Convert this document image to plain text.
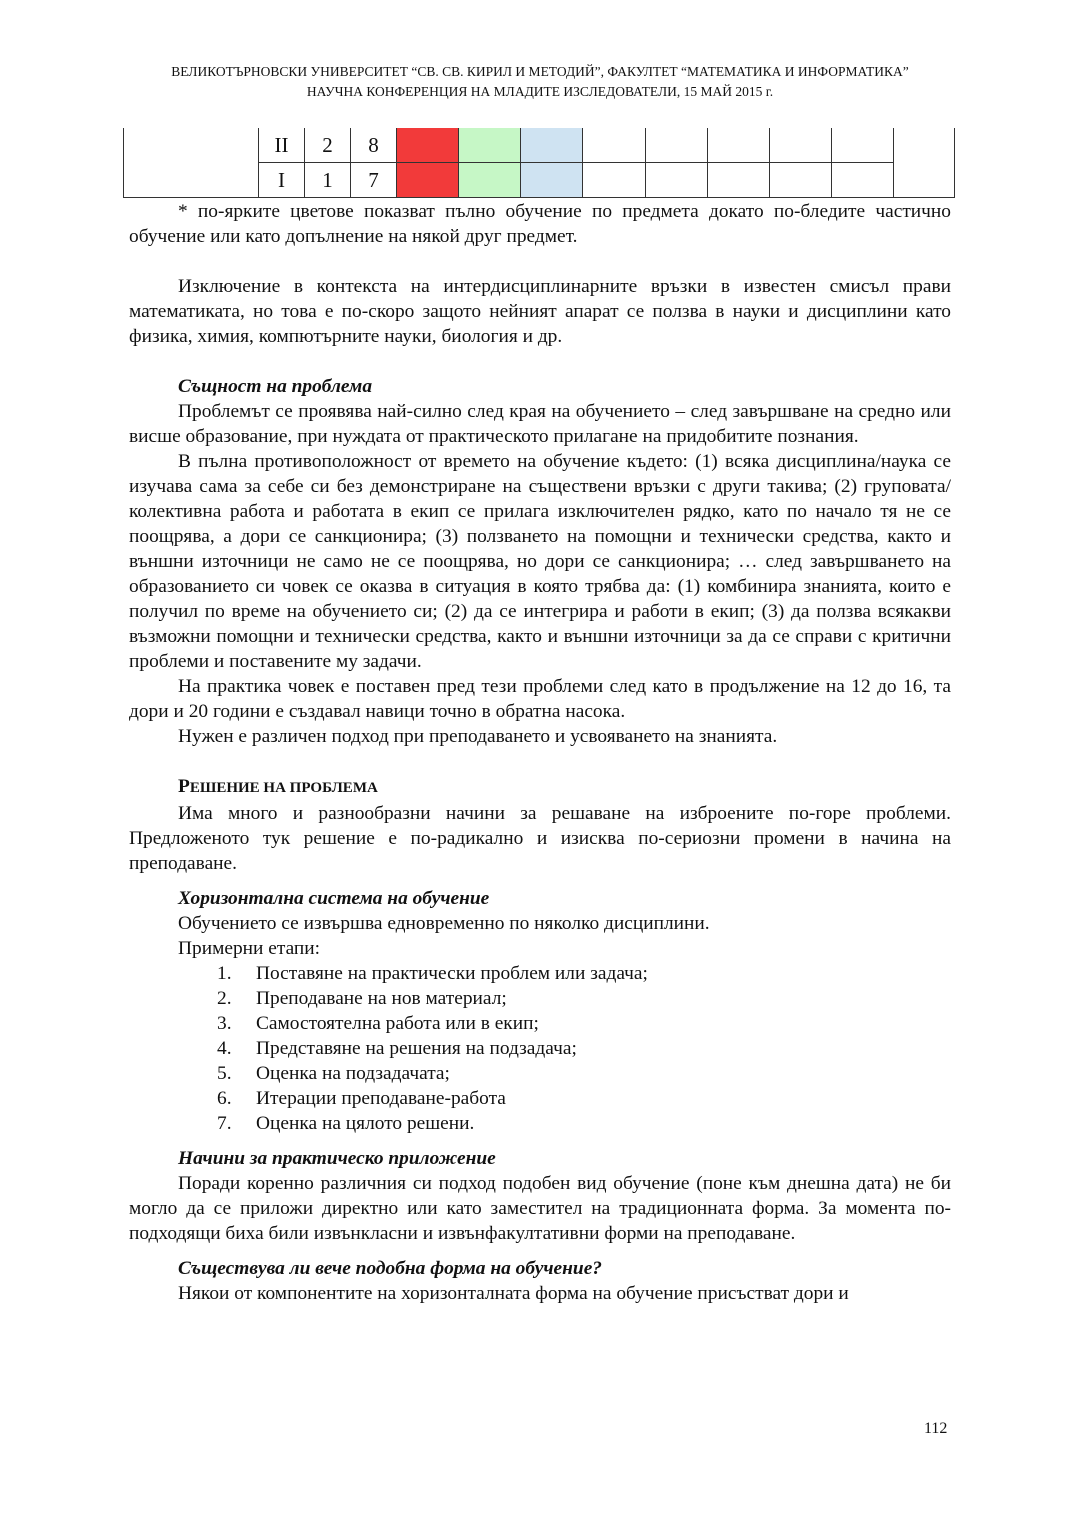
ВЕЛИКОТЪРНОВСКИ УНИВЕРСИТЕТ “СВ. СВ. КИРИЛ И МЕТОДИЙ”, ФАКУЛТЕТ “МАТЕМАТИКА И ИНФОРМАТИКА”
НАУЧНА КОНФЕРЕНЦИЯ НА МЛАДИТЕ ИЗСЛЕДОВАТЕЛИ, 15 МАЙ 2015 г.
	II	2	8									
	I	1	7									

* по-ярките цветове показват пълно обучение по предмета докато по-бледите частично обучение или като допълнение на някой друг предмет.

Изключение в контекста на интердисциплинарните връзки в известен смисъл прави математиката, но това е по-скоро защото нейният апарат се ползва в науки и дисциплини като физика, химия, компютърните науки, биология и др.

Същност на проблема

Проблемът се проявява най-силно след края на обучението – след завършване на средно или висше образование, при нуждата от практическото прилагане на придобитите познания.

В пълна противоположност от времето на обучение където: (1) всяка дисциплина/наука се изучава сама за себе си без демонстриране на съществени връзки с други такива; (2) груповата/колективна работа и работата в екип се прилага изключителен рядко, като по начало тя не се поощрява, а дори се санкционира; (3) ползването на помощни и технически средства, както и външни източници не само не се поощрява, но дори се санкционира; … след завършването на образованието си човек се оказва в ситуация в която трябва да: (1) комбинира знанията, които е получил по време на обучението си; (2) да се интегрира и работи в екип; (3) да ползва всякакви възможни помощни и технически средства, както и външни източници за да се справи с критични проблеми и поставените му задачи.

На практика човек е поставен пред тези проблеми след като в продължение на 12 до 16, та дори и 20 години е създавал навици точно в обратна насока.

Нужен е различен подход при преподаването и усвояването на знанията.

РЕШЕНИЕ НА ПРОБЛЕМА

Има много и разнообразни начини за решаване на изброените по-горе проблеми. Предложеното тук решение е по-радикално и изисква по-сериозни промени в начина на преподаване.

Хоризонтална система на обучение

Обучението се извършва едновременно по няколко дисциплини.

Примерни етапи:

1. Поставяне на практически проблем или задача;
2. Преподаване на нов материал;
3. Самостоятелна работа или в екип;
4. Представяне на решения на подзадача;
5. Оценка на подзадачата;
6. Итерации преподаване-работа
7. Оценка на цялото решени.

Начини за практическо приложение

Поради коренно различния си подход подобен вид обучение (поне към днешна дата) не би могло да се приложи директно или като заместител на традиционната форма. За момента по-подходящи биха били извънкласни и извънфакултативни форми на преподаване.

Съществува ли вече подобна форма на обучение?

Някои от компонентите на хоризонталната форма на обучение присъстват дори и

112
